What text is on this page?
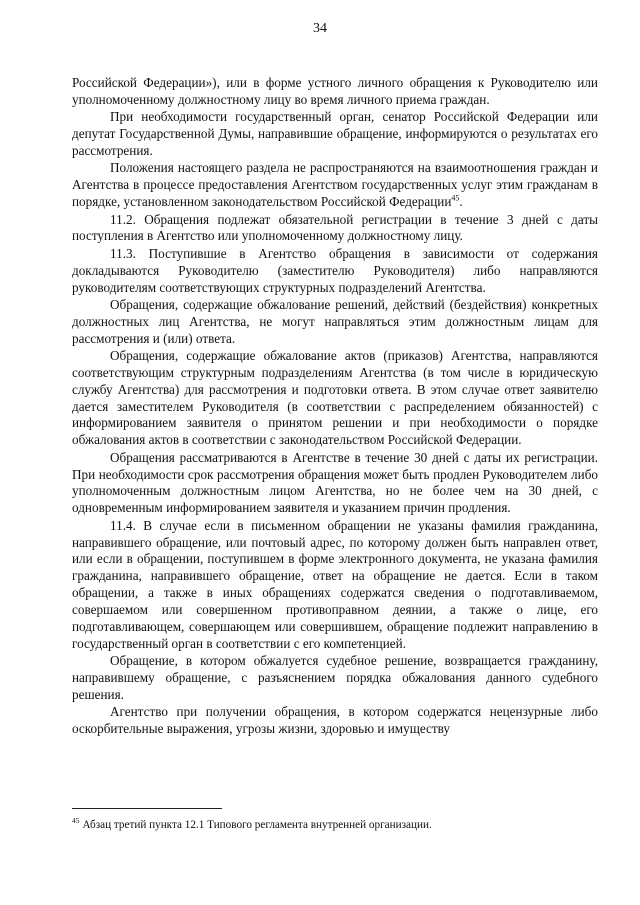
34

Российской Федерации»), или в форме устного личного обращения к Руководителю или уполномоченному должностному лицу во время личного приема граждан.

При необходимости государственный орган, сенатор Российской Федерации или депутат Государственной Думы, направившие обращение, информируются о результатах его рассмотрения.

Положения настоящего раздела не распространяются на взаимоотношения граждан и Агентства в процессе предоставления Агентством государственных услуг этим гражданам в порядке, установленном законодательством Российской Федерации$^{45}$.

11.2. Обращения подлежат обязательной регистрации в течение 3 дней с даты поступления в Агентство или уполномоченному должностному лицу.

11.3. Поступившие в Агентство обращения в зависимости от содержания докладываются Руководителю (заместителю Руководителя) либо направляются руководителям соответствующих структурных подразделений Агентства.

Обращения, содержащие обжалование решений, действий (бездействия) конкретных должностных лиц Агентства, не могут направляться этим должностным лицам для рассмотрения и (или) ответа.

Обращения, содержащие обжалование актов (приказов) Агентства, направляются соответствующим структурным подразделениям Агентства (в том числе в юридическую службу Агентства) для рассмотрения и подготовки ответа. В этом случае ответ заявителю дается заместителем Руководителя (в соответствии с распределением обязанностей) с информированием заявителя о принятом решении и при необходимости о порядке обжалования актов в соответствии с законодательством Российской Федерации.

Обращения рассматриваются в Агентстве в течение 30 дней с даты их регистрации. При необходимости срок рассмотрения обращения может быть продлен Руководителем либо уполномоченным должностным лицом Агентства, но не более чем на 30 дней, с одновременным информированием заявителя и указанием причин продления.

11.4. В случае если в письменном обращении не указаны фамилия гражданина, направившего обращение, или почтовый адрес, по которому должен быть направлен ответ, или если в обращении, поступившем в форме электронного документа, не указана фамилия гражданина, направившего обращение, ответ на обращение не дается. Если в таком обращении, а также в иных обращениях содержатся сведения о подготавливаемом, совершаемом или совершенном противоправном деянии, а также о лице, его подготавливающем, совершающем или совершившем, обращение подлежит направлению в государственный орган в соответствии с его компетенцией.

Обращение, в котором обжалуется судебное решение, возвращается гражданину, направившему обращение, с разъяснением порядка обжалования данного судебного решения.

Агентство при получении обращения, в котором содержатся нецензурные либо оскорбительные выражения, угрозы жизни, здоровью и имуществу

$^{45}$ Абзац третий пункта 12.1 Типового регламента внутренней организации.
